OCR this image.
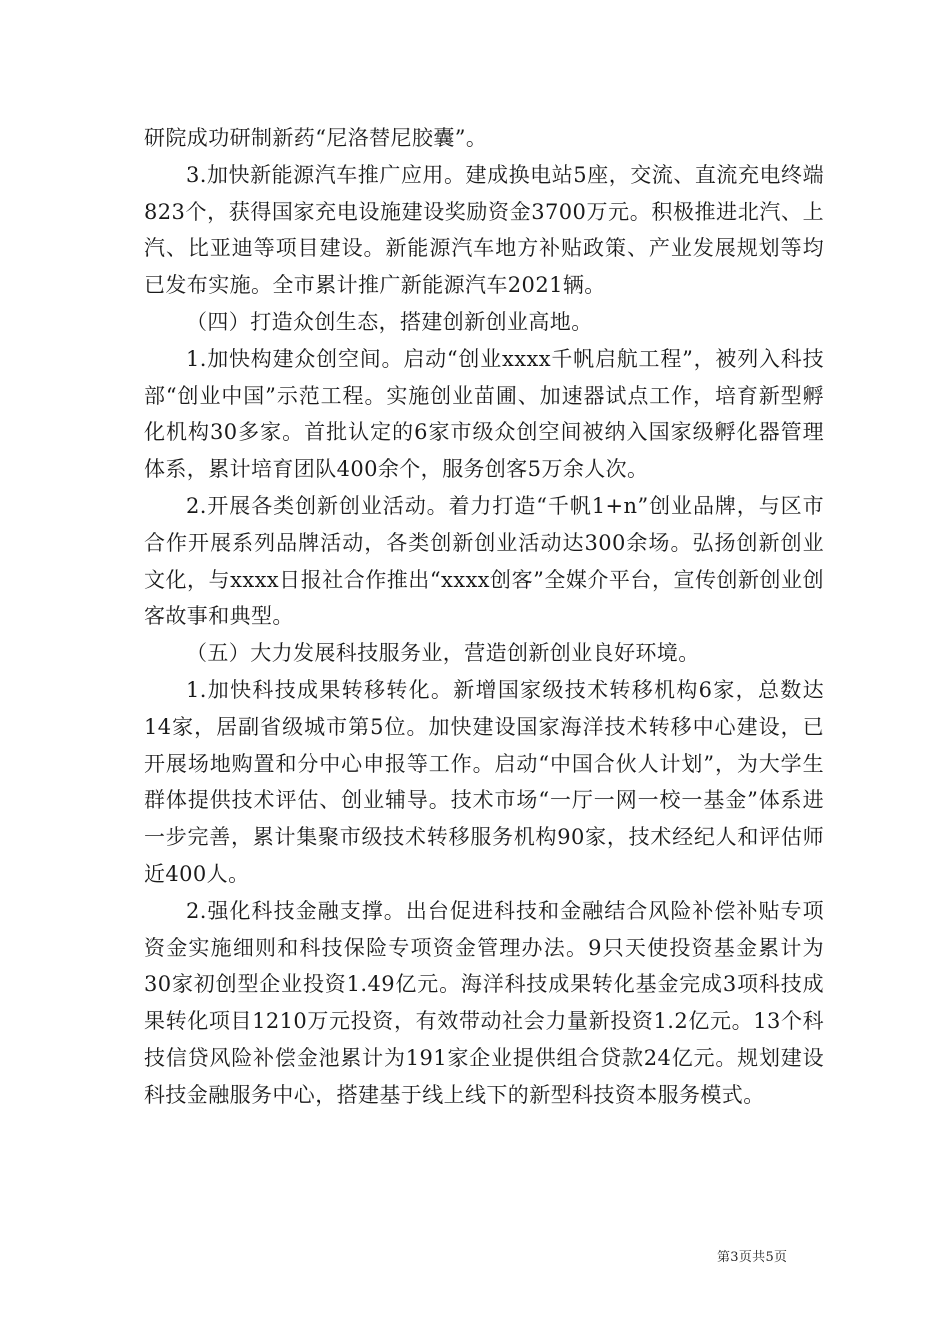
研院成功研制新药“尼洛替尼胶囊”。

3.加快新能源汽车推广应用。建成换电站5座，交流、直流充电终端823个，获得国家充电设施建设奖励资金3700万元。积极推进北汽、上汽、比亚迪等项目建设。新能源汽车地方补贴政策、产业发展规划等均已发布实施。全市累计推广新能源汽车2021辆。

（四）打造众创生态，搭建创新创业高地。

1.加快构建众创空间。启动“创业xxxx千帆启航工程”，被列入科技部“创业中国”示范工程。实施创业苗圃、加速器试点工作，培育新型孵化机构30多家。首批认定的6家市级众创空间被纳入国家级孵化器管理体系，累计培育团队400余个，服务创客5万余人次。

2.开展各类创新创业活动。着力打造“千帆1+n”创业品牌，与区市合作开展系列品牌活动，各类创新创业活动达300余场。弘扬创新创业文化，与xxxx日报社合作推出“xxxx创客”全媒介平台，宣传创新创业创客故事和典型。

（五）大力发展科技服务业，营造创新创业良好环境。

1.加快科技成果转移转化。新增国家级技术转移机构6家，总数达14家，居副省级城市第5位。加快建设国家海洋技术转移中心建设，已开展场地购置和分中心申报等工作。启动“中国合伙人计划”，为大学生群体提供技术评估、创业辅导。技术市场“一厅一网一校一基金”体系进一步完善，累计集聚市级技术转移服务机构90家，技术经纪人和评估师近400人。

2.强化科技金融支撑。出台促进科技和金融结合风险补偿补贴专项资金实施细则和科技保险专项资金管理办法。9只天使投资基金累计为30家初创型企业投资1.49亿元。海洋科技成果转化基金完成3项科技成果转化项目1210万元投资，有效带动社会力量新投资1.2亿元。13个科技信贷风险补偿金池累计为191家企业提供组合贷款24亿元。规划建设科技金融服务中心，搭建基于线上线下的新型科技资本服务模式。

第3页共5页
